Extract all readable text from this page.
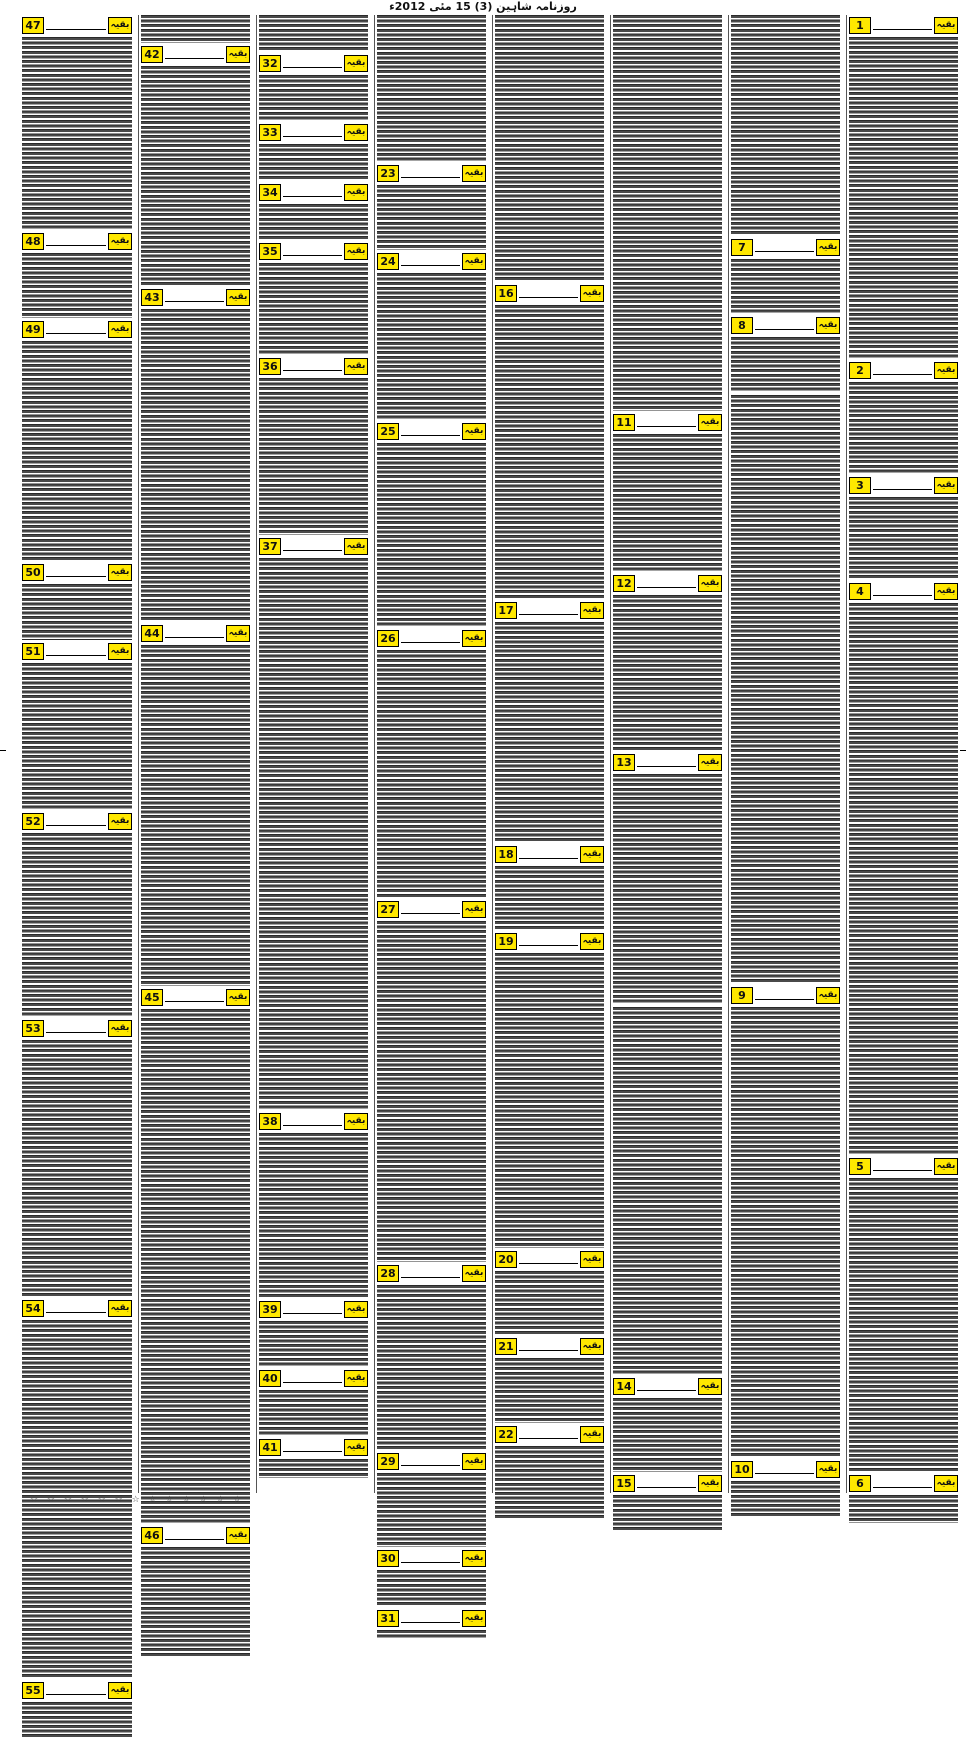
روزنامہ شاہین (3) 15 مئی 2012ء
بقیہ
1
بقیہ
2
بقیہ
3
بقیہ
4
بقیہ
5
بقیہ
6
بقیہ
7
بقیہ
8
بقیہ
9
بقیہ
10
بقیہ
11
بقیہ
12
بقیہ
13
بقیہ
14
بقیہ
15
بقیہ
16
بقیہ
17
بقیہ
18
بقیہ
19
بقیہ
20
بقیہ
21
بقیہ
22
بقیہ
23
بقیہ
24
بقیہ
25
بقیہ
26
بقیہ
27
بقیہ
28
بقیہ
29
بقیہ
30
بقیہ
31
بقیہ
32
بقیہ
33
بقیہ
34
بقیہ
35
بقیہ
36
بقیہ
37
بقیہ
38
بقیہ
39
بقیہ
40
بقیہ
41
بقیہ
42
بقیہ
43
بقیہ
44
بقیہ
45
بقیہ
46
بقیہ
47
بقیہ
48
بقیہ
49
بقیہ
50
بقیہ
51
بقیہ
52
بقیہ
53
بقیہ
54
بقیہ
55
☆ ☆ ☆ ☆ ☆ ☆ ☆ ☆ ☆ ☆ ☆ ☆ ☆
